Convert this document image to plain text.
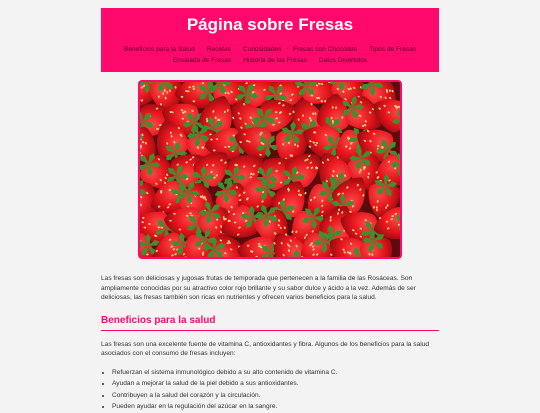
Página sobre Fresas
Beneficios para la Salud Recetas Curiosidades Fresas con Chocolate Tipos de Fresas Ensalada de Fresas Historia de las Fresas Datos Divertidos

Las fresas son deliciosas y jugosas frutas de temporada que pertenecen a la familia de las Rosáceas. Son ampliamente conocidas por su atractivo color rojo brillante y su sabor dulce y ácido a la vez. Además de ser deliciosas, las fresas también son ricas en nutrientes y ofrecen varios beneficios para la salud.

Beneficios para la salud

Las fresas son una excelente fuente de vitamina C, antioxidantes y fibra. Algunos de los beneficios para la salud asociados con el consumo de fresas incluyen:

• Refuerzan el sistema inmunológico debido a su alto contenido de vitamina C.
• Ayudan a mejorar la salud de la piel debido a sus antioxidantes.
• Contribuyen a la salud del corazón y la circulación.
• Pueden ayudar en la regulación del azúcar en la sangre.
